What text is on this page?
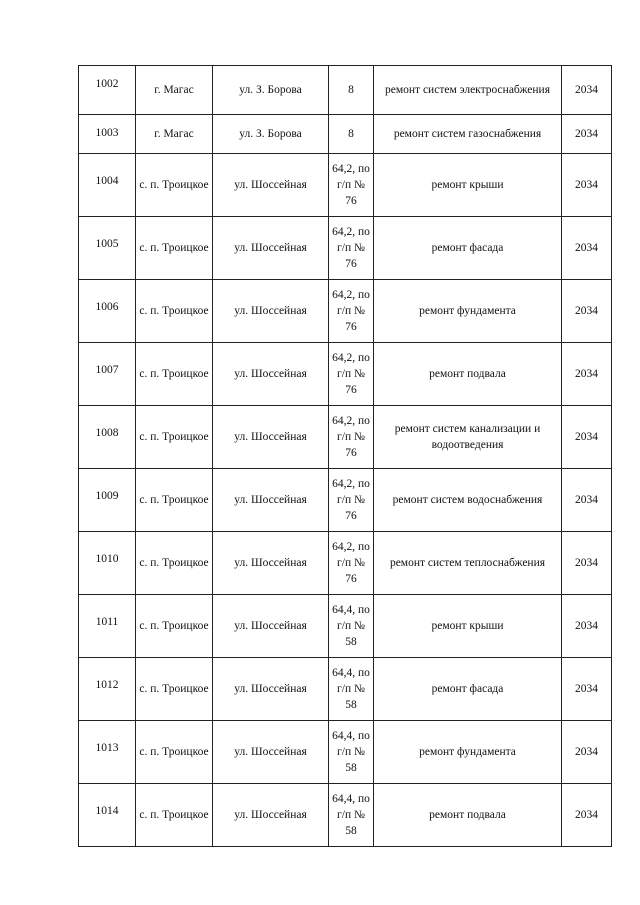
1002	г. Магас	ул. З. Борова	8	ремонт систем электроснабжения	2034
1003	г. Магас	ул. З. Борова	8	ремонт систем газоснабжения	2034
1004	с. п. Троицкое	ул. Шоссейная	64,2, по г/п № 76	ремонт крыши	2034
1005	с. п. Троицкое	ул. Шоссейная	64,2, по г/п № 76	ремонт фасада	2034
1006	с. п. Троицкое	ул. Шоссейная	64,2, по г/п № 76	ремонт фундамента	2034
1007	с. п. Троицкое	ул. Шоссейная	64,2, по г/п № 76	ремонт подвала	2034
1008	с. п. Троицкое	ул. Шоссейная	64,2, по г/п № 76	ремонт систем канализации и водоотведения	2034
1009	с. п. Троицкое	ул. Шоссейная	64,2, по г/п № 76	ремонт систем водоснабжения	2034
1010	с. п. Троицкое	ул. Шоссейная	64,2, по г/п № 76	ремонт систем теплоснабжения	2034
1011	с. п. Троицкое	ул. Шоссейная	64,4, по г/п № 58	ремонт крыши	2034
1012	с. п. Троицкое	ул. Шоссейная	64,4, по г/п № 58	ремонт фасада	2034
1013	с. п. Троицкое	ул. Шоссейная	64,4, по г/п № 58	ремонт фундамента	2034
1014	с. п. Троицкое	ул. Шоссейная	64,4, по г/п № 58	ремонт подвала	2034
